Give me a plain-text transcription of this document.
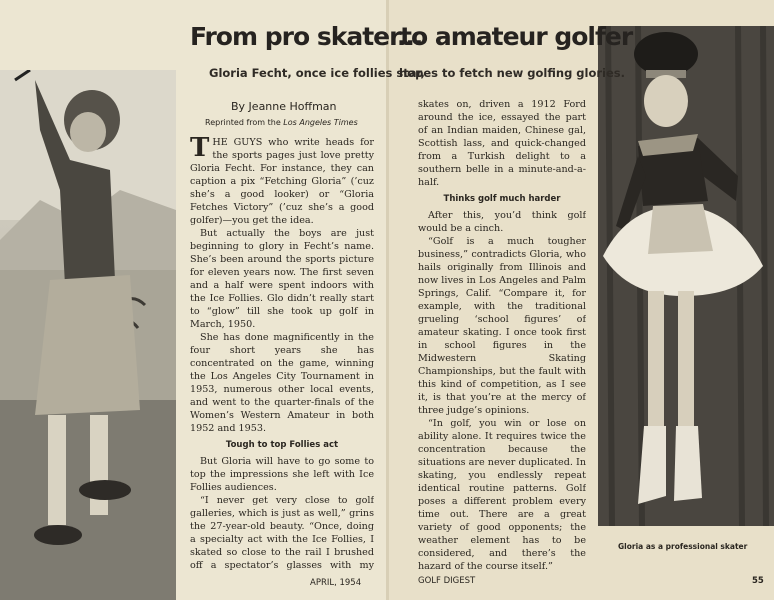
From pro skater...
to amateur golfer
Gloria Fecht, once ice follies star,
hopes to fetch new golfing glories.
By Jeanne Hoffman
Reprinted from the Los Angeles Times

THE GUYS who write heads for the sports pages just love pretty Gloria Fecht. For instance, they can caption a pix “Fetching Gloria” (’cuz she’s a good looker) or “Gloria Fetches Victory” (’cuz she’s a good golfer)—you get the idea.

But actually the boys are just beginning to glory in Fecht’s name. She’s been around the sports picture for eleven years now. The first seven and a half were spent indoors with the Ice Follies. Glo didn’t really start to “glow” till she took up golf in March, 1950.

She has done magnificently in the four short years she has concentrated on the game, winning the Los Angeles City Tournament in 1953, numerous other local events, and went to the quarter-finals of the Women’s Western Amateur in both 1952 and 1953.

Tough to top Follies act

But Gloria will have to go some to top the impressions she left with Ice Follies audiences.

“I never get very close to golf galleries, which is just as well,” grins the 27-year-old beauty. “Once, doing a specialty act with the Ice Follies, I skated so close to the rail I brushed off a spectator’s glasses with my

skates on, driven a 1912 Ford around the ice, essayed the part of an Indian maiden, Chinese gal, Scottish lass, and quick-changed from a Turkish delight to a southern belle in a minute-and-a-half.

Thinks golf much harder

After this, you’d think golf would be a cinch.

“Golf is a much tougher business,” contradicts Gloria, who hails originally from Illinois and now lives in Los Angeles and Palm Springs, Calif. “Compare it, for example, with the traditional grueling ‘school figures’ of amateur skating. I once took first in school figures in the Midwestern Skating Championships, but the fault with this kind of competition, as I see it, is that you’re at the mercy of three judge’s opinions.

“In golf, you win or lose on ability alone. It requires twice the concentration because the situations are never duplicated. In skating, you endlessly repeat identical routine patterns. Golf poses a different problem every time out. There are a great variety of good opponents; the weather element has to be considered, and there’s the hazard of the course itself.”

Gloria as a professional skater
APRIL, 1954	GOLF DIGEST	55
